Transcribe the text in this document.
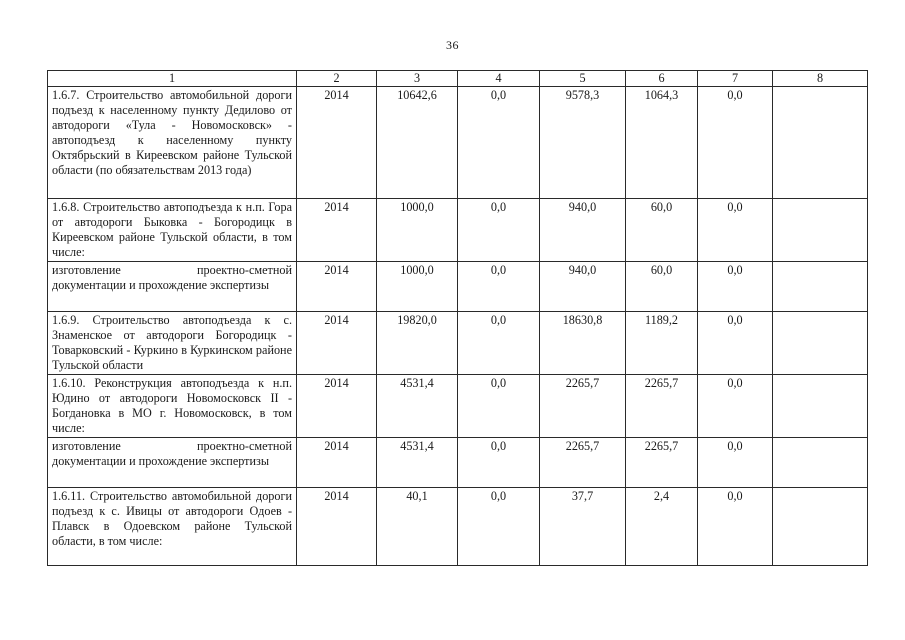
36
1	2	3	4	5	6	7	8
1.6.7. Строительство автомобильной дороги подъезд к населенному пункту Дедилово от автодороги «Тула - Новомосковск» - автоподъезд к населенному пункту Октябрьский в Киреевском районе Тульской области (по обязательствам 2013 года)	2014	10642,6	0,0	9578,3	1064,3	0,0	
1.6.8. Строительство автоподъезда к н.п. Гора от автодороги Быковка - Богородицк в Киреевском районе Тульской области, в том числе:	2014	1000,0	0,0	940,0	60,0	0,0	
изготовление проектно-сметной документации и прохождение экспертизы	2014	1000,0	0,0	940,0	60,0	0,0	
1.6.9. Строительство автоподъезда к с. Знаменское от автодороги Богородицк - Товарковский - Куркино в Куркинском районе Тульской области	2014	19820,0	0,0	18630,8	1189,2	0,0	
1.6.10. Реконструкция автоподъезда к н.п. Юдино от автодороги Новомосковск II - Богдановка в МО г. Новомосковск, в том числе:	2014	4531,4	0,0	2265,7	2265,7	0,0	
изготовление проектно-сметной документации и прохождение экспертизы	2014	4531,4	0,0	2265,7	2265,7	0,0	
1.6.11. Строительство автомобильной дороги подъезд к с. Ивицы от автодороги Одоев - Плавск в Одоевском районе Тульской области, в том числе:	2014	40,1	0,0	37,7	2,4	0,0	
